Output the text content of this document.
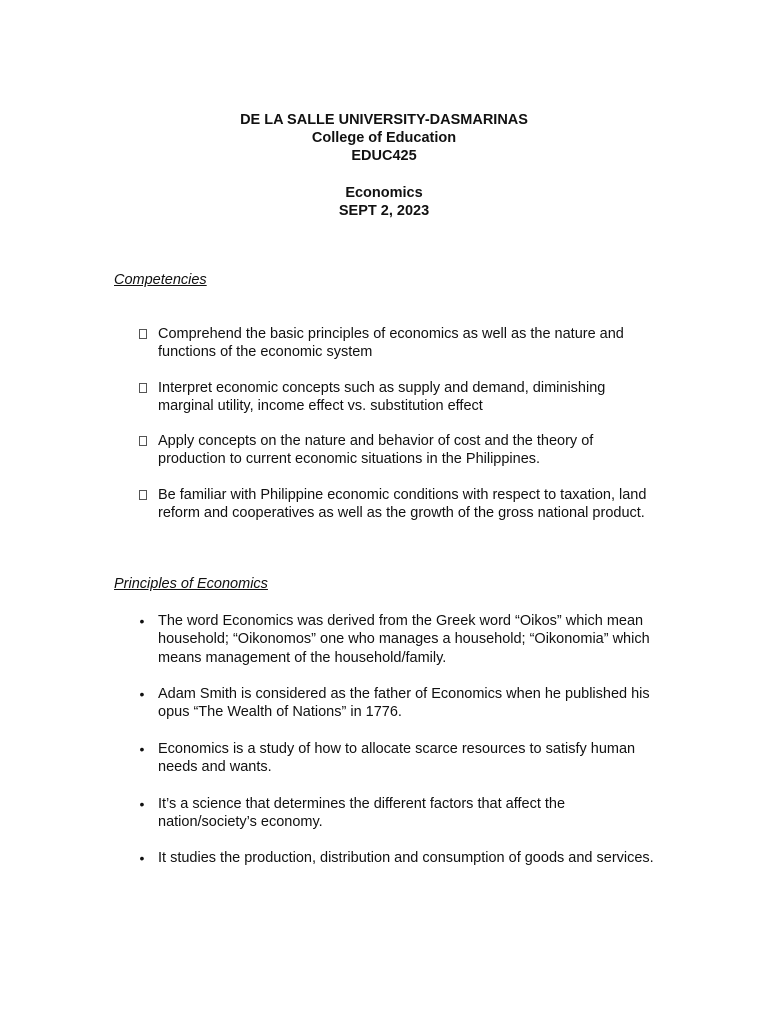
DE LA SALLE UNIVERSITY-DASMARINAS
College of Education
EDUC425
Economics
SEPT 2, 2023
Competencies
Comprehend the basic principles of economics as well as the nature and functions of the economic system
Interpret economic concepts such as supply and demand, diminishing marginal utility, income effect vs. substitution effect
Apply concepts on the nature and behavior of cost and the theory of production to current economic situations in the Philippines.
Be familiar with Philippine economic conditions with respect to taxation, land reform and cooperatives as well as the growth of the gross national product.
Principles of Economics
• The word Economics was derived from the Greek word “Oikos” which mean household; “Oikonomos” one who manages a household; “Oikonomia” which means management of the household/family.
• Adam Smith is considered as the father of Economics when he published his opus “The Wealth of Nations” in 1776.
• Economics is a study of how to allocate scarce resources to satisfy human needs and wants.
• It’s a science that determines the different factors that affect the nation/society’s economy.
• It studies the production, distribution and consumption of goods and services.
